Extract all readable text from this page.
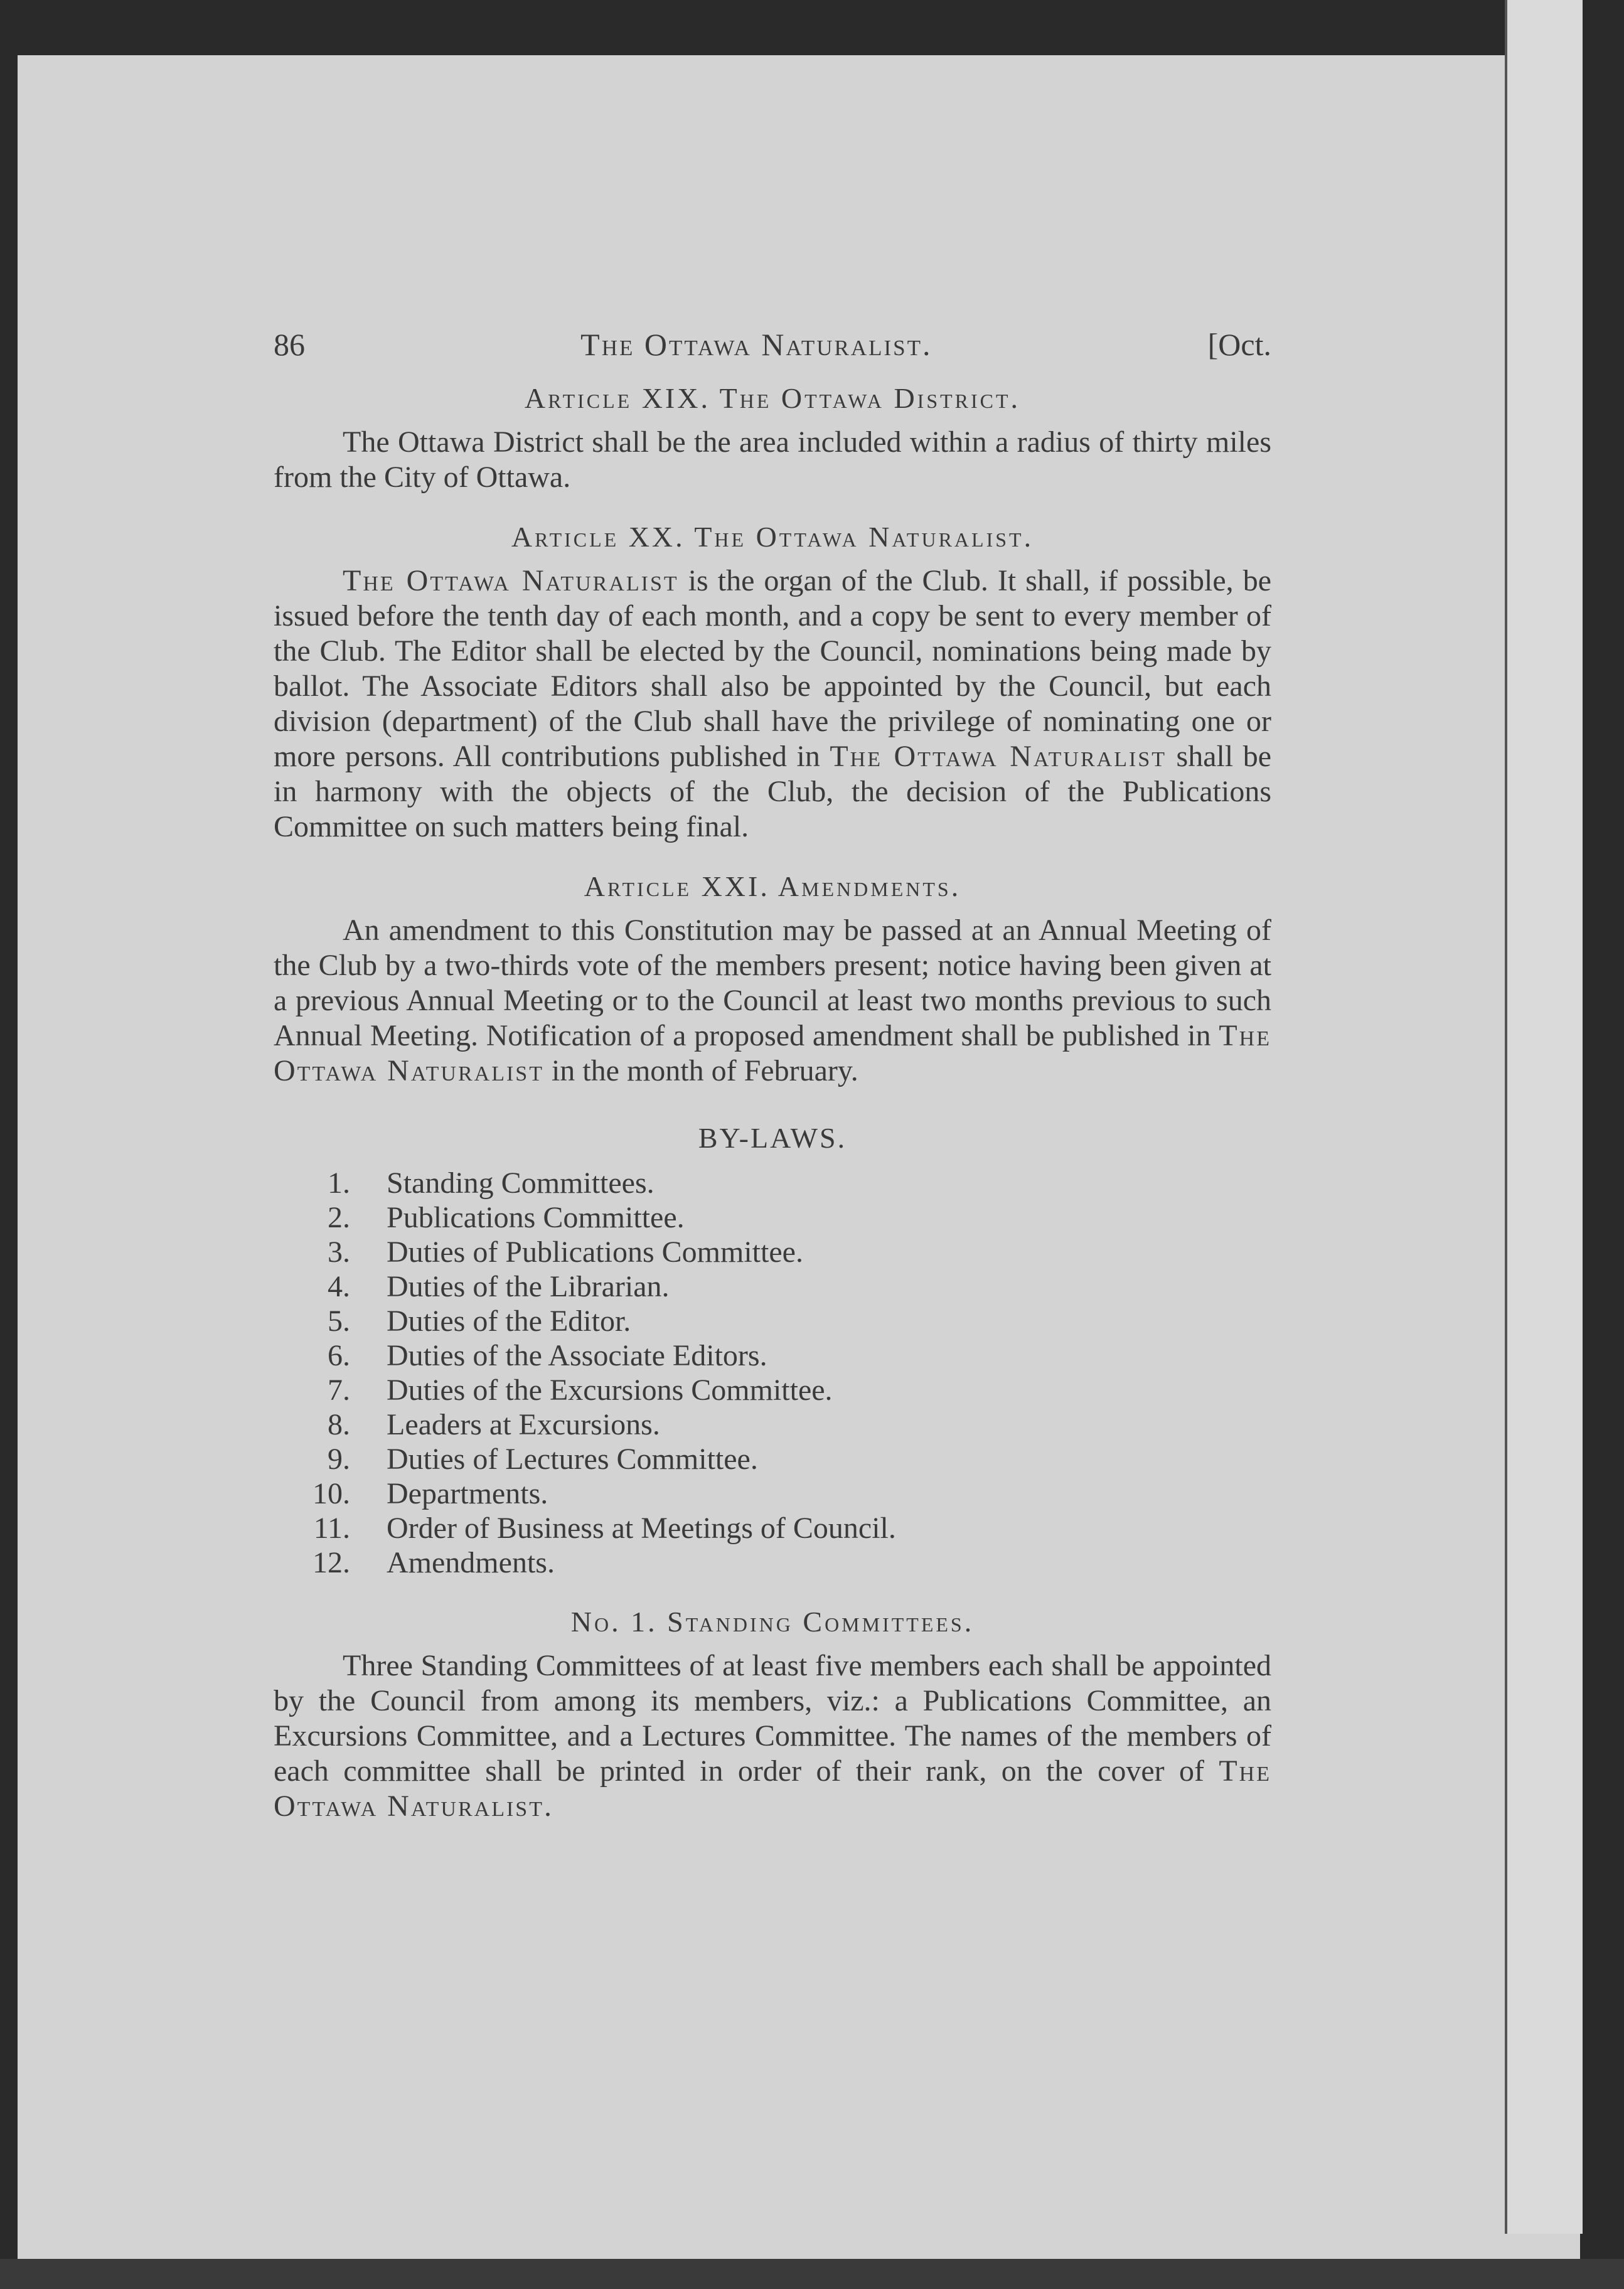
86	The Ottawa Naturalist.	[Oct.
Article XIX. The Ottawa District.

The Ottawa District shall be the area included within a radius of thirty miles from the City of Ottawa.

Article XX. The Ottawa Naturalist.

The Ottawa Naturalist is the organ of the Club. It shall, if possible, be issued before the tenth day of each month, and a copy be sent to every member of the Club. The Editor shall be elected by the Council, nominations being made by ballot. The Associate Editors shall also be appointed by the Council, but each division (department) of the Club shall have the privilege of nominating one or more persons. All contributions published in The Ottawa Naturalist shall be in harmony with the objects of the Club, the decision of the Publications Committee on such matters being final.

Article XXI. Amendments.

An amendment to this Constitution may be passed at an Annual Meeting of the Club by a two-thirds vote of the members present; notice having been given at a previous Annual Meeting or to the Council at least two months previous to such Annual Meeting. Notification of a proposed amendment shall be published in The Ottawa Naturalist in the month of February.

BY-LAWS.
1.	Standing Committees.
2.	Publications Committee.
3.	Duties of Publications Committee.
4.	Duties of the Librarian.
5.	Duties of the Editor.
6.	Duties of the Associate Editors.
7.	Duties of the Excursions Committee.
8.	Leaders at Excursions.
9.	Duties of Lectures Committee.
10.	Departments.
11.	Order of Business at Meetings of Council.
12.	Amendments.
No. 1. Standing Committees.

Three Standing Committees of at least five members each shall be appointed by the Council from among its members, viz.: a Publications Committee, an Excursions Committee, and a Lectures Committee. The names of the members of each committee shall be printed in order of their rank, on the cover of The Ottawa Naturalist.
